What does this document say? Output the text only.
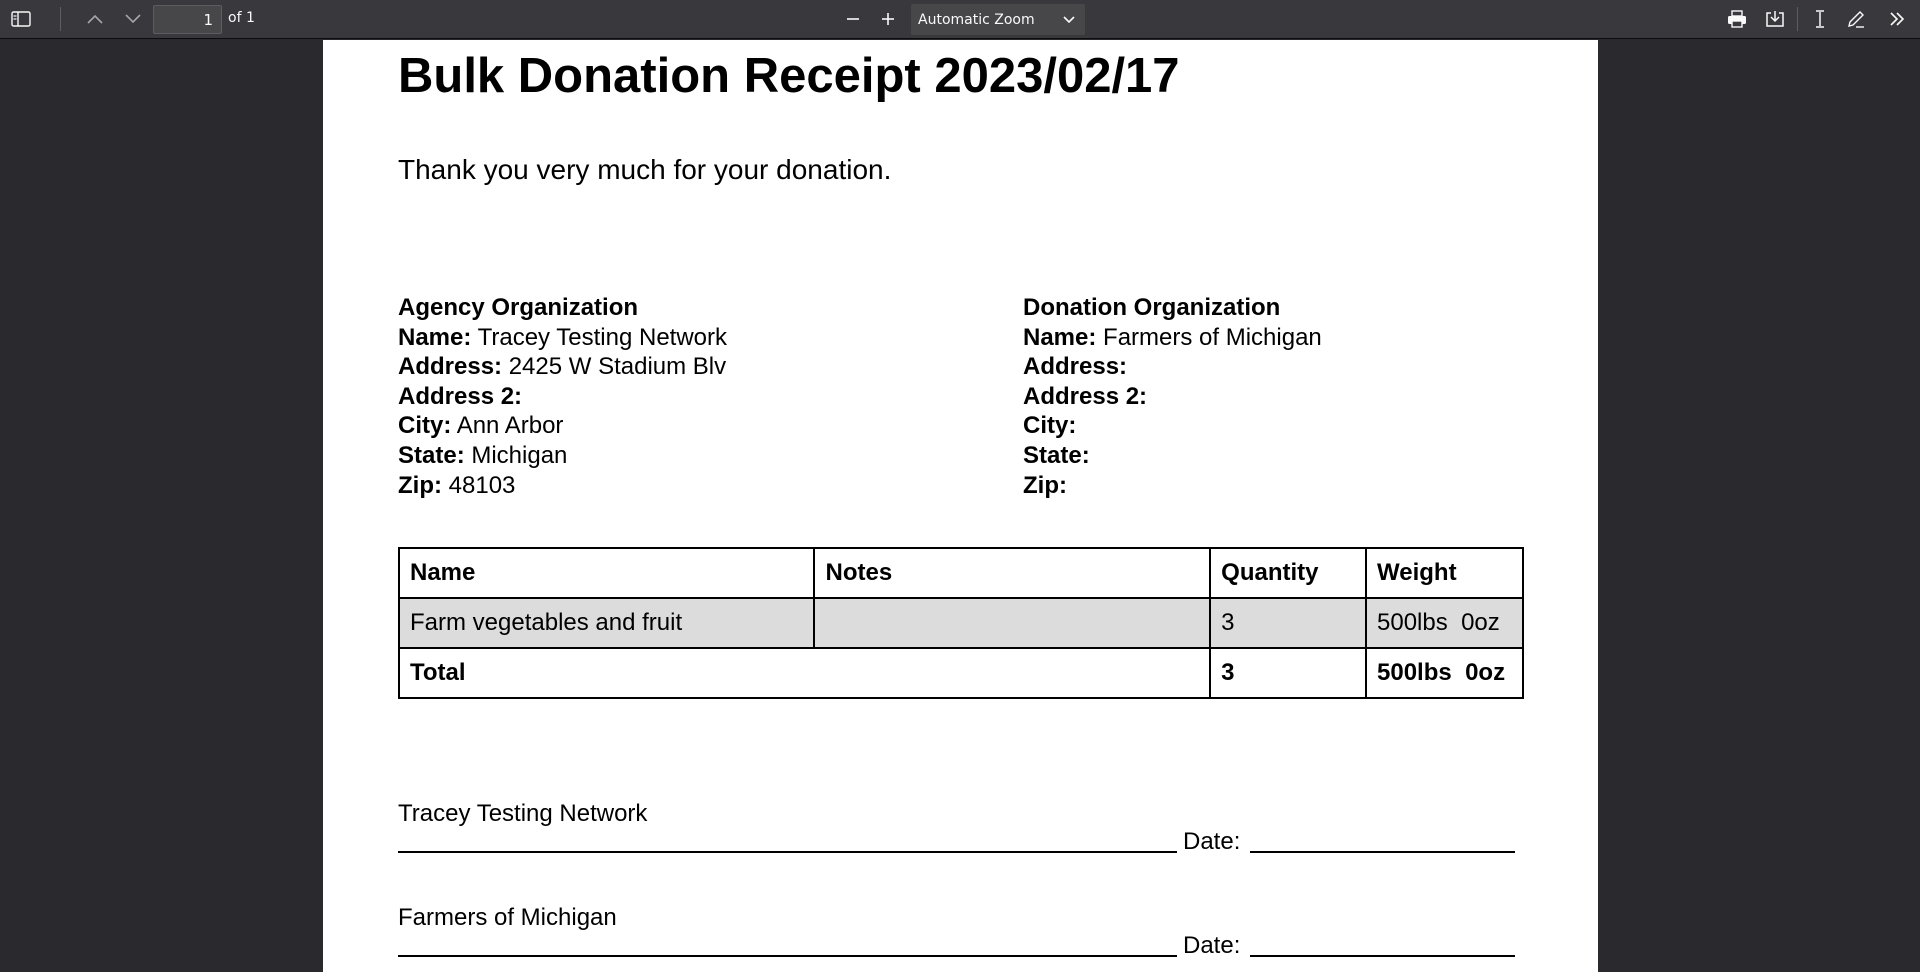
1
of 1	Automatic Zoom
Bulk Donation Receipt 2023/02/17
Thank you very much for your donation.
Agency Organization
Name: Tracey Testing Network
Address: 2425 W Stadium Blv
Address 2:
City: Ann Arbor
State: Michigan
Zip: 48103
Donation Organization
Name: Farmers of Michigan
Address:
Address 2:
City:
State:
Zip:
Name	Notes	Quantity	Weight
Farm vegetables and fruit		3	500lbs  0oz
Total		3	500lbs  0oz
Tracey Testing Network
Date:
Farmers of Michigan
Date:
